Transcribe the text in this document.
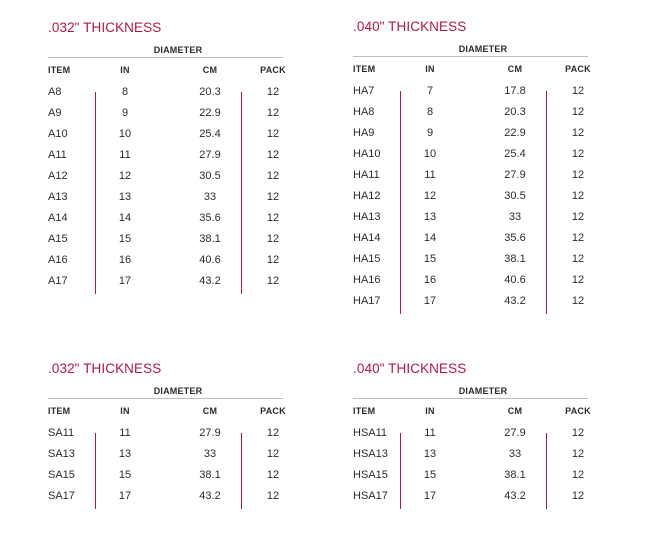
.032" THICKNESS
DIAMETER
ITEM	IN	CM	PACK
A8	8	20.3	12
A9	9	22.9	12
A10	10	25.4	12
A11	11	27.9	12
A12	12	30.5	12
A13	13	33	12
A14	14	35.6	12
A15	15	38.1	12
A16	16	40.6	12
A17	17	43.2	12
.040" THICKNESS
DIAMETER
ITEM	IN	CM	PACK
HA7	7	17.8	12
HA8	8	20.3	12
HA9	9	22.9	12
HA10	10	25.4	12
HA11	11	27.9	12
HA12	12	30.5	12
HA13	13	33	12
HA14	14	35.6	12
HA15	15	38.1	12
HA16	16	40.6	12
HA17	17	43.2	12
.032" THICKNESS
DIAMETER
ITEM	IN	CM	PACK
SA11	11	27.9	12
SA13	13	33	12
SA15	15	38.1	12
SA17	17	43.2	12
.040" THICKNESS
DIAMETER
ITEM	IN	CM	PACK
HSA11	11	27.9	12
HSA13	13	33	12
HSA15	15	38.1	12
HSA17	17	43.2	12
